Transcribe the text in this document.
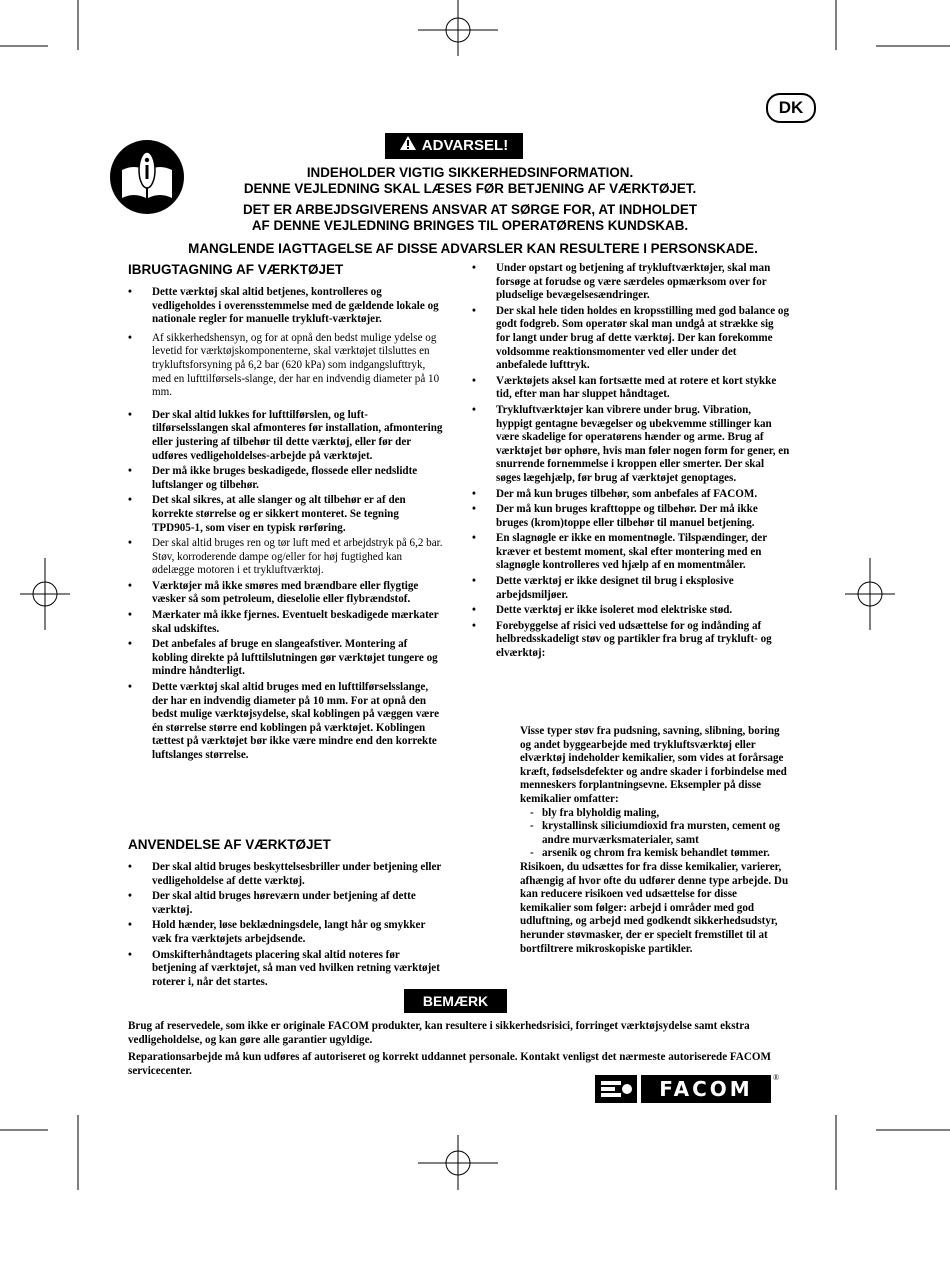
DK
ADVARSEL!
INDEHOLDER VIGTIG SIKKERHEDSINFORMATION.
DENNE VEJLEDNING SKAL LÆSES FØR BETJENING AF VÆRKTØJET.
DET ER ARBEJDSGIVERENS ANSVAR AT SØRGE FOR, AT INDHOLDET
AF DENNE VEJLEDNING BRINGES TIL OPERATØRENS KUNDSKAB.
MANGLENDE IAGTTAGELSE AF DISSE ADVARSLER KAN RESULTERE I PERSONSKADE.
IBRUGTAGNING AF VÆRKTØJET
• Dette værktøj skal altid betjenes, kontrolleres og vedligeholdes i overensstemmelse med de gældende lokale og nationale regler for manuelle trykluft-værktøjer.
• Af sikkerhedshensyn, og for at opnå den bedst mulige ydelse og levetid for værktøjskomponenterne, skal værktøjet tilsluttes en trykluftsforsyning på 6,2 bar (620 kPa) som indgangslufttryk, med en lufttilførsels-slange, der har en indvendig diameter på 10 mm.
• Der skal altid lukkes for lufttilførslen, og luft-tilførselsslangen skal afmonteres før installation, afmontering eller justering af tilbehør til dette værktøj, eller før der udføres vedligeholdelses-arbejde på værktøjet.
• Der må ikke bruges beskadigede, flossede eller nedslidte luftslanger og tilbehør.
• Det skal sikres, at alle slanger og alt tilbehør er af den korrekte størrelse og er sikkert monteret. Se tegning TPD905-1, som viser en typisk rørføring.
• Der skal altid bruges ren og tør luft med et arbejdstryk på 6,2 bar. Støv, korroderende dampe og/eller for høj fugtighed kan ødelægge motoren i et trykluftværktøj.
• Værktøjer må ikke smøres med brændbare eller flygtige væsker så som petroleum, dieselolie eller flybrændstof.
• Mærkater må ikke fjernes. Eventuelt beskadigede mærkater skal udskiftes.
• Det anbefales af bruge en slangeafstiver. Montering af kobling direkte på lufttilslutningen gør værktøjet tungere og mindre håndterligt.
• Dette værktøj skal altid bruges med en lufttilførselsslange, der har en indvendig diameter på 10 mm. For at opnå den bedst mulige værktøjsydelse, skal koblingen på væggen være én størrelse større end koblingen på værktøjet. Koblingen tættest på værktøjet bør ikke være mindre end den korrekte luftslanges størrelse.
ANVENDELSE AF VÆRKTØJET
• Der skal altid bruges beskyttelsesbriller under betjening eller vedligeholdelse af dette værktøj.
• Der skal altid bruges høreværn under betjening af dette værktøj.
• Hold hænder, løse beklædningsdele, langt hår og smykker væk fra værktøjets arbejdsende.
• Omskifterhåndtagets placering skal altid noteres før betjening af værktøjet, så man ved hvilken retning værktøjet roterer i, når det startes.
• Under opstart og betjening af trykluftværktøjer, skal man forsøge at forudse og være særdeles opmærksom over for pludselige bevægelsesændringer.
• Der skal hele tiden holdes en kropsstilling med god balance og godt fodgreb. Som operatør skal man undgå at strække sig for langt under brug af dette værktøj. Der kan forekomme voldsomme reaktionsmomenter ved eller under det anbefalede lufttryk.
• Værktøjets aksel kan fortsætte med at rotere et kort stykke tid, efter man har sluppet håndtaget.
• Trykluftværktøjer kan vibrere under brug. Vibration, hyppigt gentagne bevægelser og ubekvemme stillinger kan være skadelige for operatørens hænder og arme. Brug af værktøjet bør ophøre, hvis man føler nogen form for gener, en snurrende fornemmelse i kroppen eller smerter. Der skal søges lægehjælp, før brug af værktøjet genoptages.
• Der må kun bruges tilbehør, som anbefales af FACOM.
• Der må kun bruges krafttoppe og tilbehør. Der må ikke bruges (krom)toppe eller tilbehør til manuel betjening.
• En slagnøgle er ikke en momentnøgle. Tilspændinger, der kræver et bestemt moment, skal efter montering med en slagnøgle kontrolleres ved hjælp af en momentmåler.
• Dette værktøj er ikke designet til brug i eksplosive arbejdsmiljøer.
• Dette værktøj er ikke isoleret mod elektriske stød.
• Forebyggelse af risici ved udsættelse for og indånding af helbredsskadeligt støv og partikler fra brug af trykluft- og elværktøj:
Visse typer støv fra pudsning, savning, slibning, boring og andet byggearbejde med trykluftsværktøj eller elværktøj indeholder kemikalier, som vides at forårsage kræft, fødselsdefekter og andre skader i forbindelse med menneskers forplantningsevne. Eksempler på disse kemikalier omfatter:
- bly fra blyholdig maling,
- krystallinsk siliciumdioxid fra mursten, cement og andre murværksmaterialer, samt
- arsenik og chrom fra kemisk behandlet tømmer.
Risikoen, du udsættes for fra disse kemikalier, varierer, afhængig af hvor ofte du udfører denne type arbejde. Du kan reducere risikoen ved udsættelse for disse kemikalier som følger: arbejd i områder med god udluftning, og arbejd med godkendt sikkerhedsudstyr, herunder støvmasker, der er specielt fremstillet til at bortfiltrere mikroskopiske partikler.
BEMÆRK
Brug af reservedele, som ikke er originale FACOM produkter, kan resultere i sikkerhedsrisici, forringet værktøjsydelse samt ekstra vedligeholdelse, og kan gøre alle garantier ugyldige.
Reparationsarbejde må kun udføres af autoriseret og korrekt uddannet personale. Kontakt venligst det nærmeste autoriserede FACOM servicecenter.
FACOM	®
